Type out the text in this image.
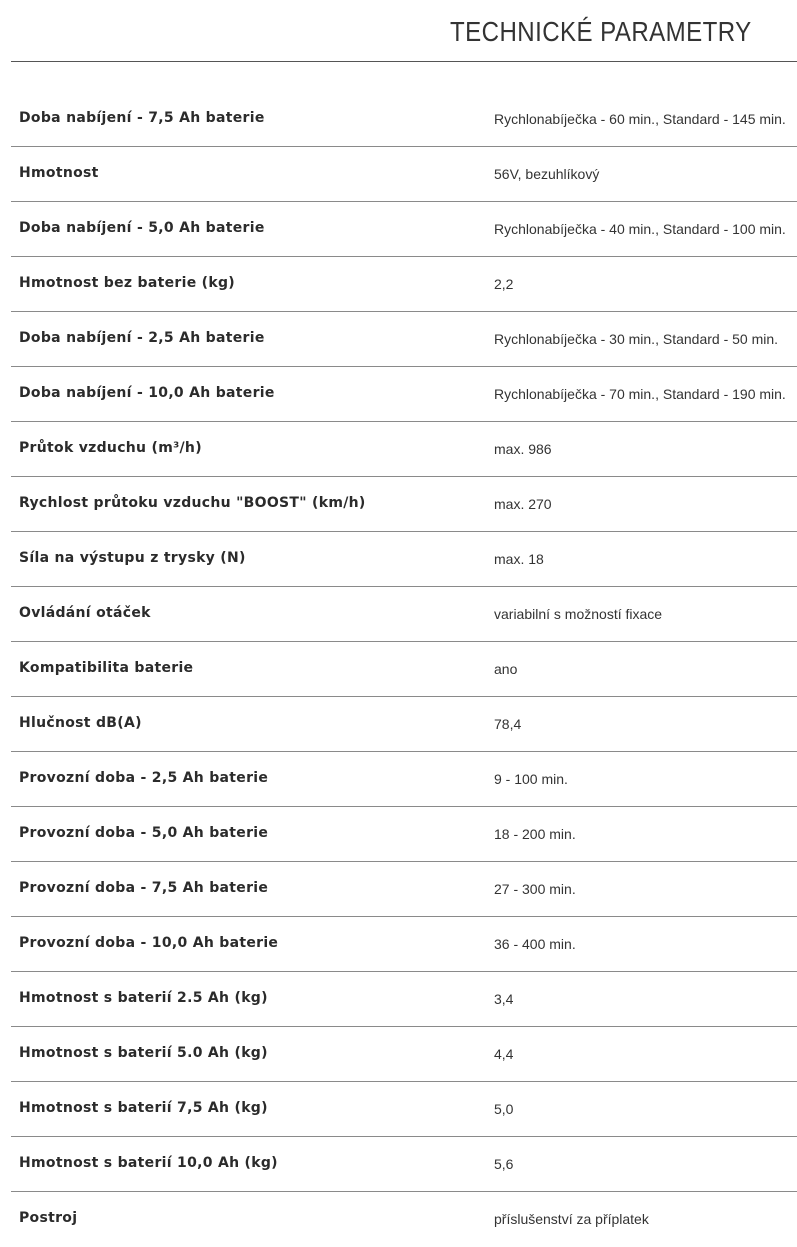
TECHNICKÉ PARAMETRY
Doba nabíjení - 7,5 Ah baterie	Rychlonabíječka - 60 min., Standard - 145 min.
Hmotnost	56V, bezuhlíkový
Doba nabíjení - 5,0 Ah baterie	Rychlonabíječka - 40 min., Standard - 100 min.
Hmotnost bez baterie (kg)	2,2
Doba nabíjení - 2,5 Ah baterie	Rychlonabíječka - 30 min., Standard - 50 min.
Doba nabíjení - 10,0 Ah baterie	Rychlonabíječka - 70 min., Standard - 190 min.
Průtok vzduchu (m³/h)	max. 986
Rychlost průtoku vzduchu "BOOST" (km/h)	max. 270
Síla na výstupu z trysky (N)	max. 18
Ovládání otáček	variabilní s možností fixace
Kompatibilita baterie	ano
Hlučnost dB(A)	78,4
Provozní doba - 2,5 Ah baterie	9 - 100 min.
Provozní doba - 5,0 Ah baterie	18 - 200 min.
Provozní doba - 7,5 Ah baterie	27 - 300 min.
Provozní doba - 10,0 Ah baterie	36 - 400 min.
Hmotnost s baterií 2.5 Ah (kg)	3,4
Hmotnost s baterií 5.0 Ah (kg)	4,4
Hmotnost s baterií 7,5 Ah (kg)	5,0
Hmotnost s baterií 10,0 Ah (kg)	5,6
Postroj	příslušenství za příplatek
